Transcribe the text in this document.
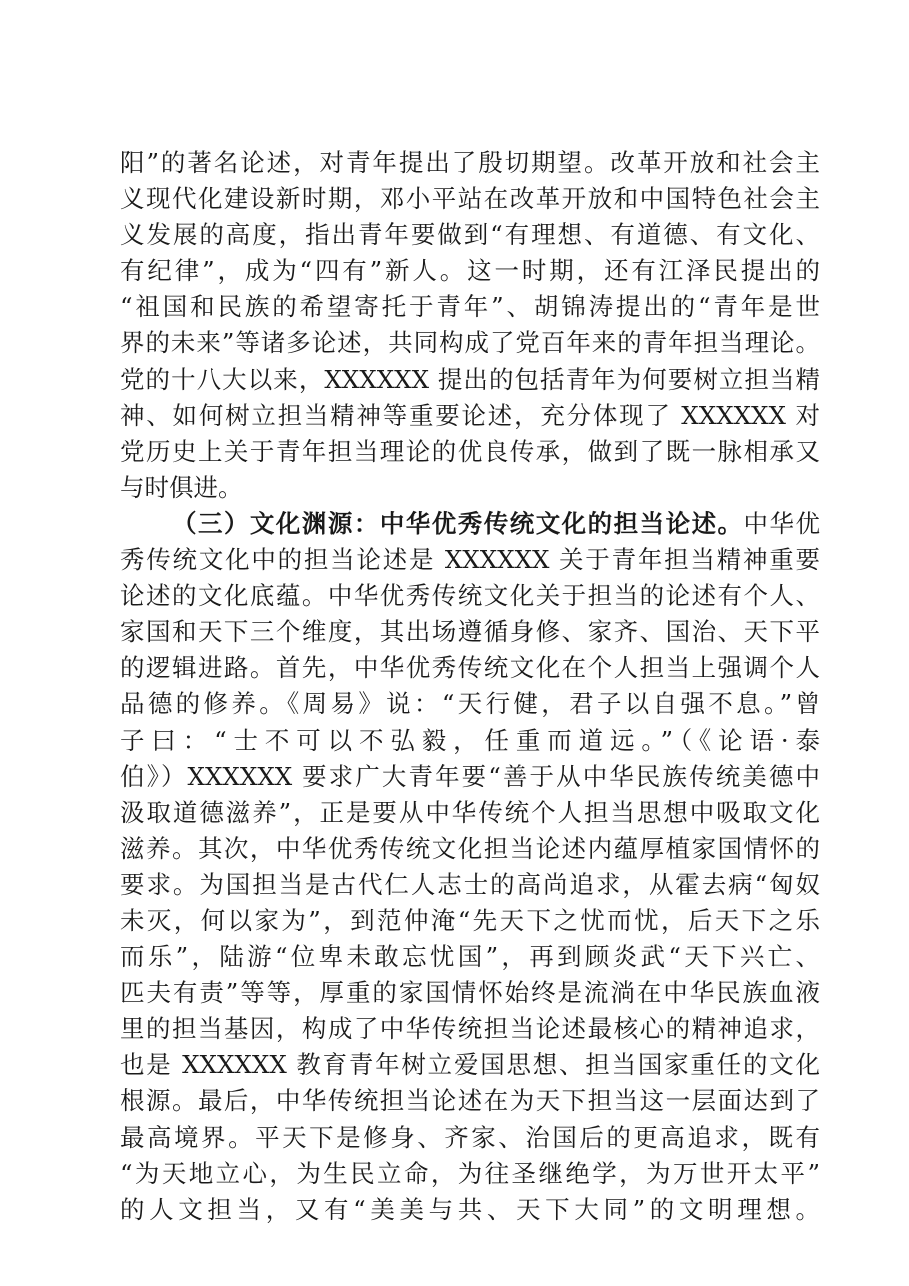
阳”的著名论述，对青年提出了殷切期望。改革开放和社会主
义现代化建设新时期，邓小平站在改革开放和中国特色社会主
义发展的高度，指出青年要做到“有理想、有道德、有文化、
有纪律”，成为“四有”新人。这一时期，还有江泽民提出的
“祖国和民族的希望寄托于青年”、胡锦涛提出的“青年是世
界的未来”等诸多论述，共同构成了党百年来的青年担当理论。
党的十八大以来，XXXXXX 提出的包括青年为何要树立担当精
神、如何树立担当精神等重要论述，充分体现了 XXXXXX 对
党历史上关于青年担当理论的优良传承，做到了既一脉相承又
与时俱进。
（三）文化渊源：中华优秀传统文化的担当论述。中华优
秀传统文化中的担当论述是 XXXXXX 关于青年担当精神重要
论述的文化底蕴。中华优秀传统文化关于担当的论述有个人、
家国和天下三个维度，其出场遵循身修、家齐、国治、天下平
的逻辑进路。首先，中华优秀传统文化在个人担当上强调个人
品德的修养。《周易》说：“天行健，君子以自强不息。”曾
子曰：“士不可以不弘毅，任重而道远。”（《论语·泰
伯》）XXXXXX 要求广大青年要“善于从中华民族传统美德中
汲取道德滋养”，正是要从中华传统个人担当思想中吸取文化
滋养。其次，中华优秀传统文化担当论述内蕴厚植家国情怀的
要求。为国担当是古代仁人志士的高尚追求，从霍去病“匈奴
未灭，何以家为”，到范仲淹“先天下之忧而忧，后天下之乐
而乐”，陆游“位卑未敢忘忧国”，再到顾炎武“天下兴亡、
匹夫有责”等等，厚重的家国情怀始终是流淌在中华民族血液
里的担当基因，构成了中华传统担当论述最核心的精神追求，
也是 XXXXXX 教育青年树立爱国思想、担当国家重任的文化
根源。最后，中华传统担当论述在为天下担当这一层面达到了
最高境界。平天下是修身、齐家、治国后的更高追求，既有
“为天地立心，为生民立命，为往圣继绝学，为万世开太平”
的人文担当，又有“美美与共、天下大同”的文明理想。
